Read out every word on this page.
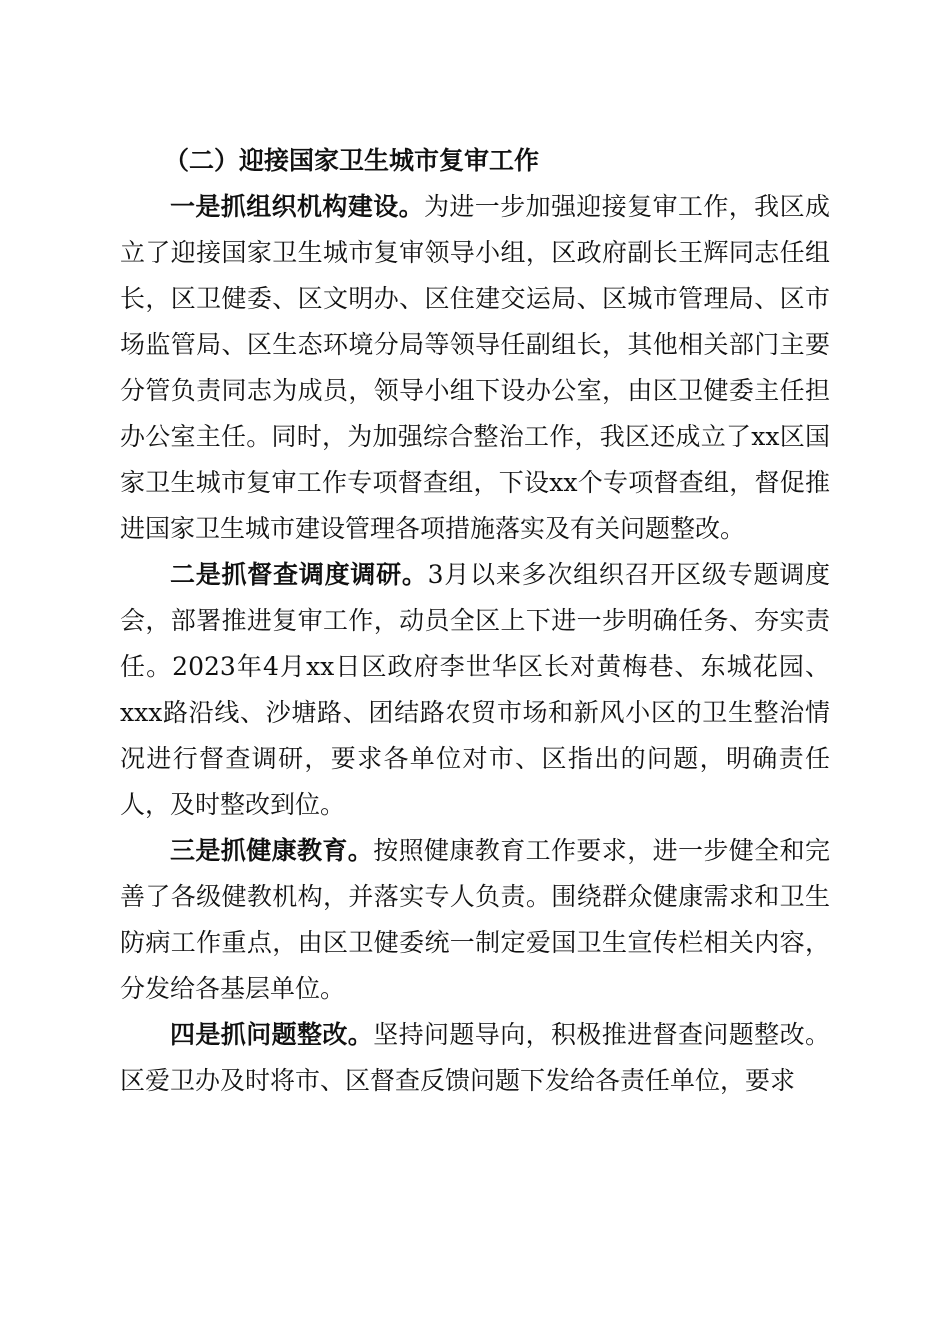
（二）迎接国家卫生城市复审工作

一是抓组织机构建设。为进一步加强迎接复审工作，我区成立了迎接国家卫生城市复审领导小组，区政府副长王辉同志任组长，区卫健委、区文明办、区住建交运局、区城市管理局、区市场监管局、区生态环境分局等领导任副组长，其他相关部门主要分管负责同志为成员，领导小组下设办公室，由区卫健委主任担办公室主任。同时，为加强综合整治工作，我区还成立了xx区国家卫生城市复审工作专项督查组，下设xx个专项督查组，督促推进国家卫生城市建设管理各项措施落实及有关问题整改。

二是抓督查调度调研。3月以来多次组织召开区级专题调度会，部署推进复审工作，动员全区上下进一步明确任务、夯实责任。2023年4月xx日区政府李世华区长对黄梅巷、东城花园、xxx路沿线、沙塘路、团结路农贸市场和新风小区的卫生整治情况进行督查调研，要求各单位对市、区指出的问题，明确责任人，及时整改到位。

三是抓健康教育。按照健康教育工作要求，进一步健全和完善了各级健教机构，并落实专人负责。围绕群众健康需求和卫生防病工作重点，由区卫健委统一制定爱国卫生宣传栏相关内容，分发给各基层单位。

四是抓问题整改。坚持问题导向，积极推进督查问题整改。区爱卫办及时将市、区督查反馈问题下发给各责任单位，要求
